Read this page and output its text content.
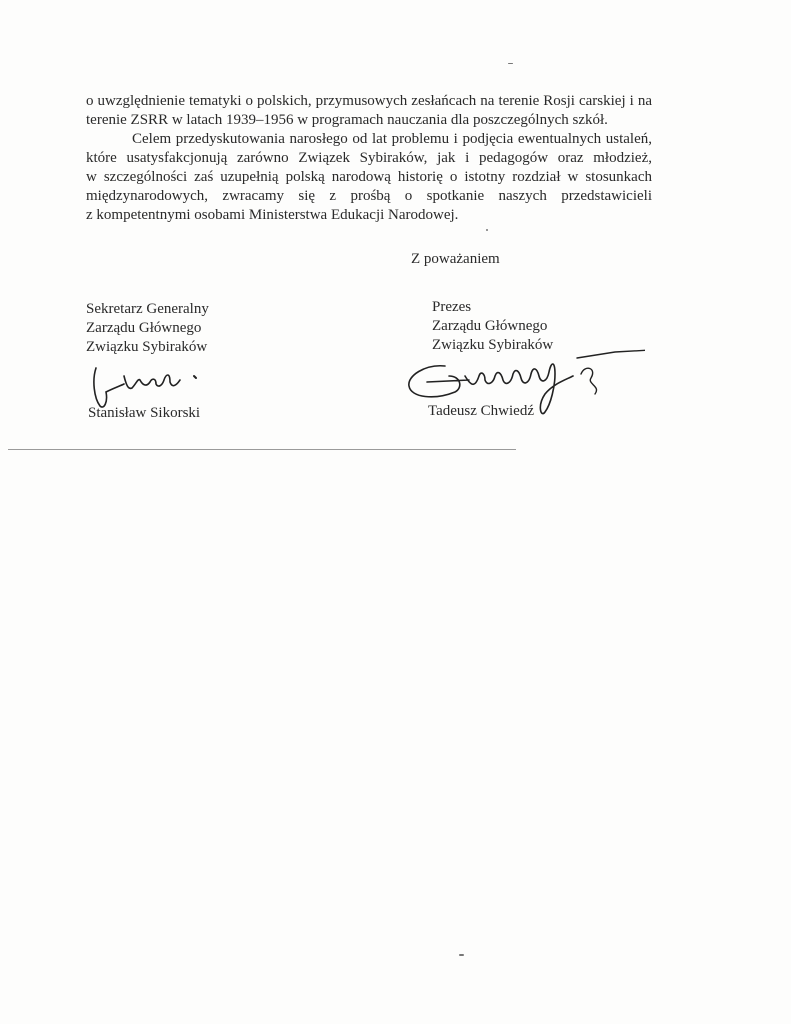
o uwzględnienie tematyki o polskich, przymusowych zesłańcach na terenie Rosji carskiej i na
terenie ZSRR w latach 1939–1956 w programach nauczania dla poszczególnych szkół.
Celem przedyskutowania narosłego od lat problemu i podjęcia ewentualnych ustaleń,
które usatysfakcjonują zarówno Związek Sybiraków, jak i pedagogów oraz młodzież,
w szczególności zaś uzupełnią polską narodową historię o istotny rozdział w stosunkach
międzynarodowych, zwracamy się z prośbą o spotkanie naszych przedstawicieli
z kompetentnymi osobami Ministerstwa Edukacji Narodowej.
Z poważaniem
Sekretarz Generalny
Zarządu Głównego
Związku Sybiraków
Prezes
Zarządu Głównego
Związku Sybiraków
Stanisław Sikorski	Tadeusz Chwiedź
